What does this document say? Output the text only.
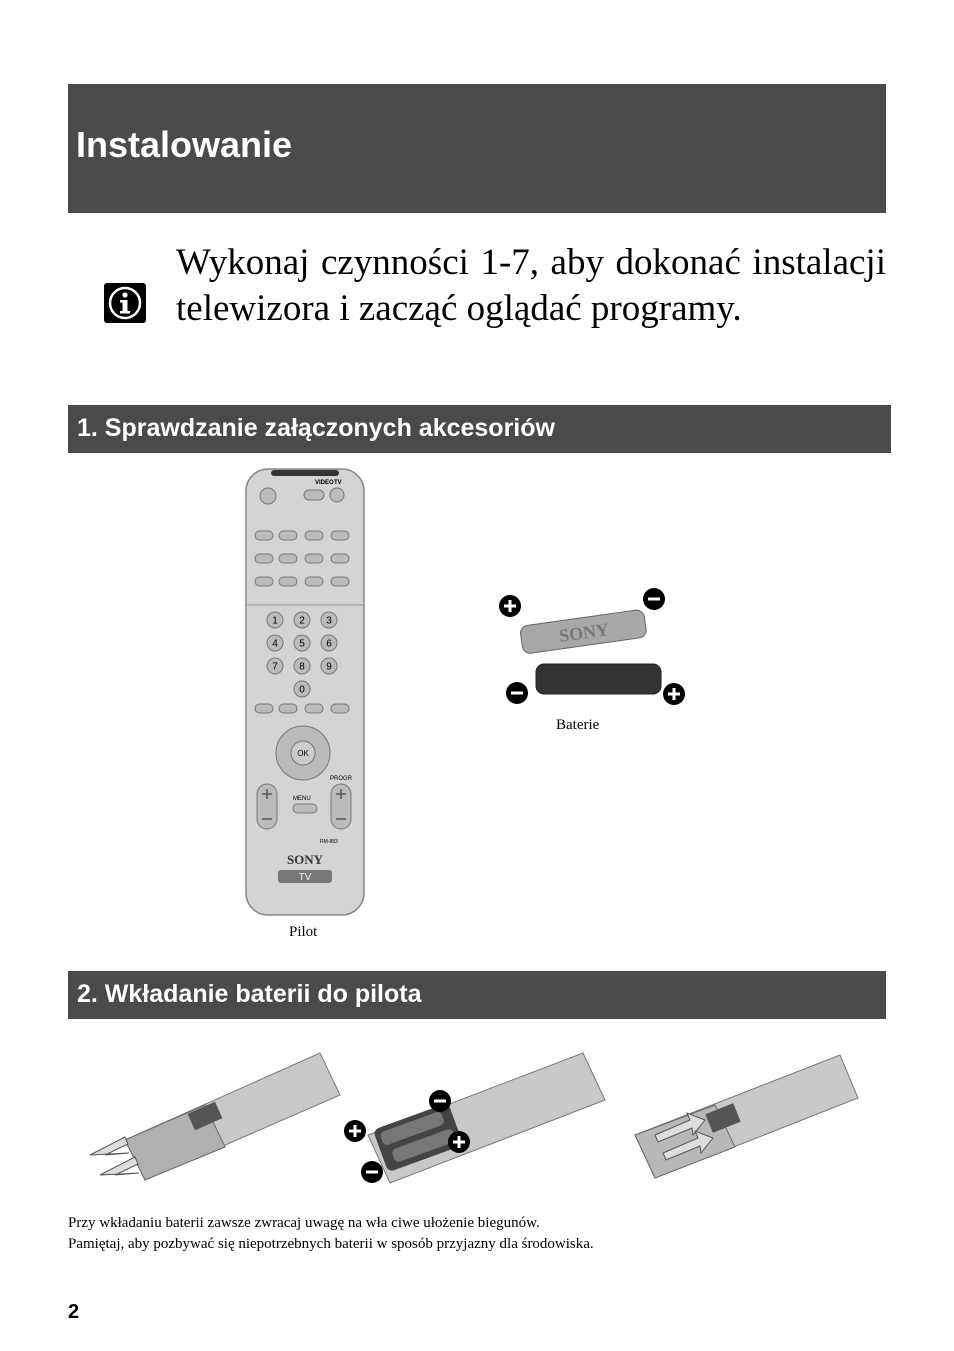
Instalowanie

Wykonaj czynności 1-7, aby dokonać instalacji telewizora i zacząć oglądać programy.

1. Sprawdzanie załączonych akcesoriów
VIDEO TV
1 2 3
4 5 6
7 8 9
0
OK
MENU
PROGR
RM-883
SONY
TV
Pilot
SONY
Baterie
2. Wkładanie baterii do pilota

Przy wkładaniu baterii zawsze zwracaj uwagę na wła ciwe ułożenie biegunów.

Pamiętaj, aby pozbywać się niepotrzebnych baterii w sposób przyjazny dla środowiska.

2
